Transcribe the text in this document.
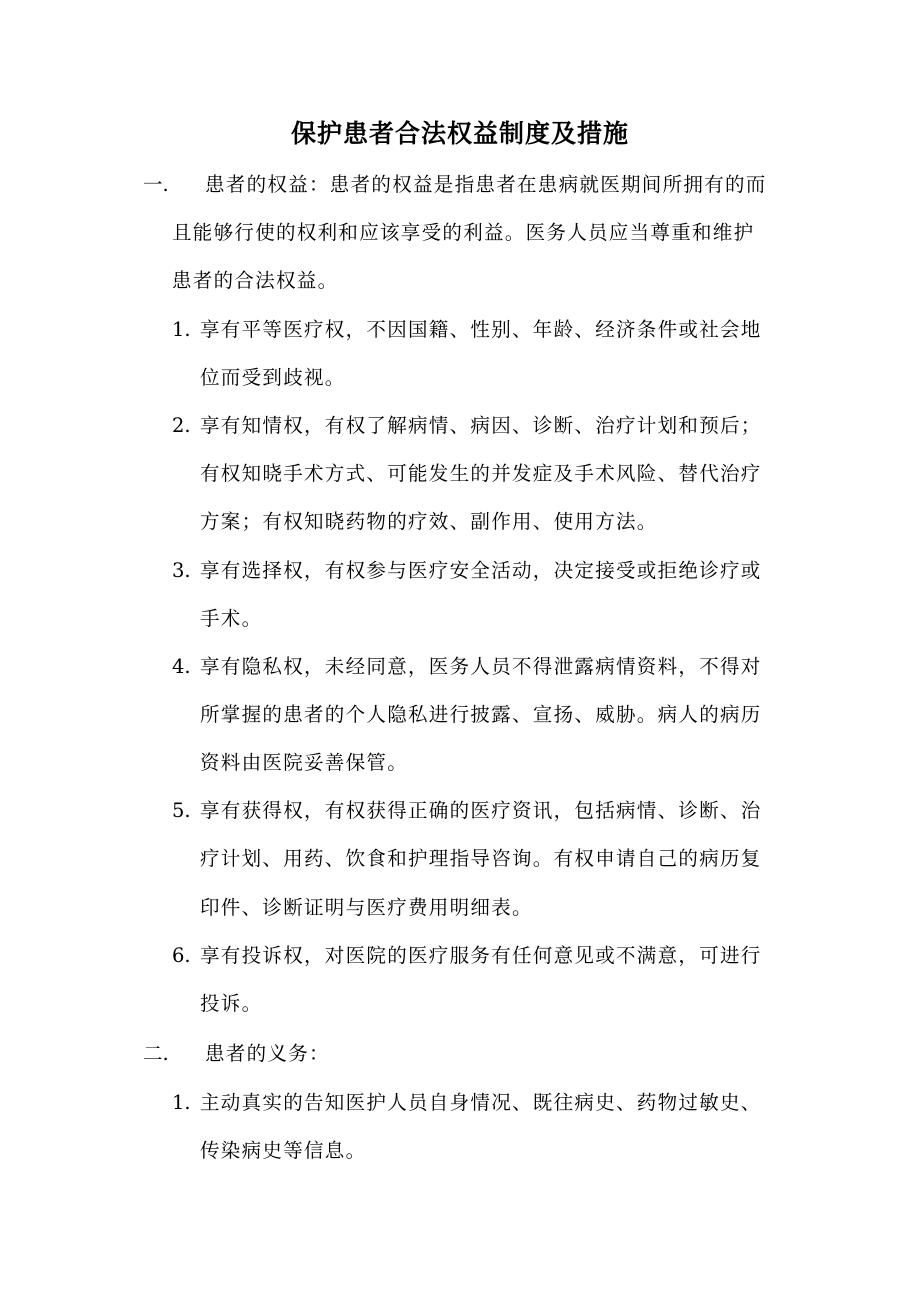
保护患者合法权益制度及措施
一. 患者的权益：患者的权益是指患者在患病就医期间所拥有的而
且能够行使的权利和应该享受的利益。医务人员应当尊重和维护
患者的合法权益。
1. 享有平等医疗权，不因国籍、性别、年龄、经济条件或社会地
位而受到歧视。
2. 享有知情权，有权了解病情、病因、诊断、治疗计划和预后；
有权知晓手术方式、可能发生的并发症及手术风险、替代治疗
方案；有权知晓药物的疗效、副作用、使用方法。
3. 享有选择权，有权参与医疗安全活动，决定接受或拒绝诊疗或
手术。
4. 享有隐私权，未经同意，医务人员不得泄露病情资料，不得对
所掌握的患者的个人隐私进行披露、宣扬、威胁。病人的病历
资料由医院妥善保管。
5. 享有获得权，有权获得正确的医疗资讯，包括病情、诊断、治
疗计划、用药、饮食和护理指导咨询。有权申请自己的病历复
印件、诊断证明与医疗费用明细表。
6. 享有投诉权，对医院的医疗服务有任何意见或不满意，可进行
投诉。
二. 患者的义务：
1. 主动真实的告知医护人员自身情况、既往病史、药物过敏史、
传染病史等信息。
